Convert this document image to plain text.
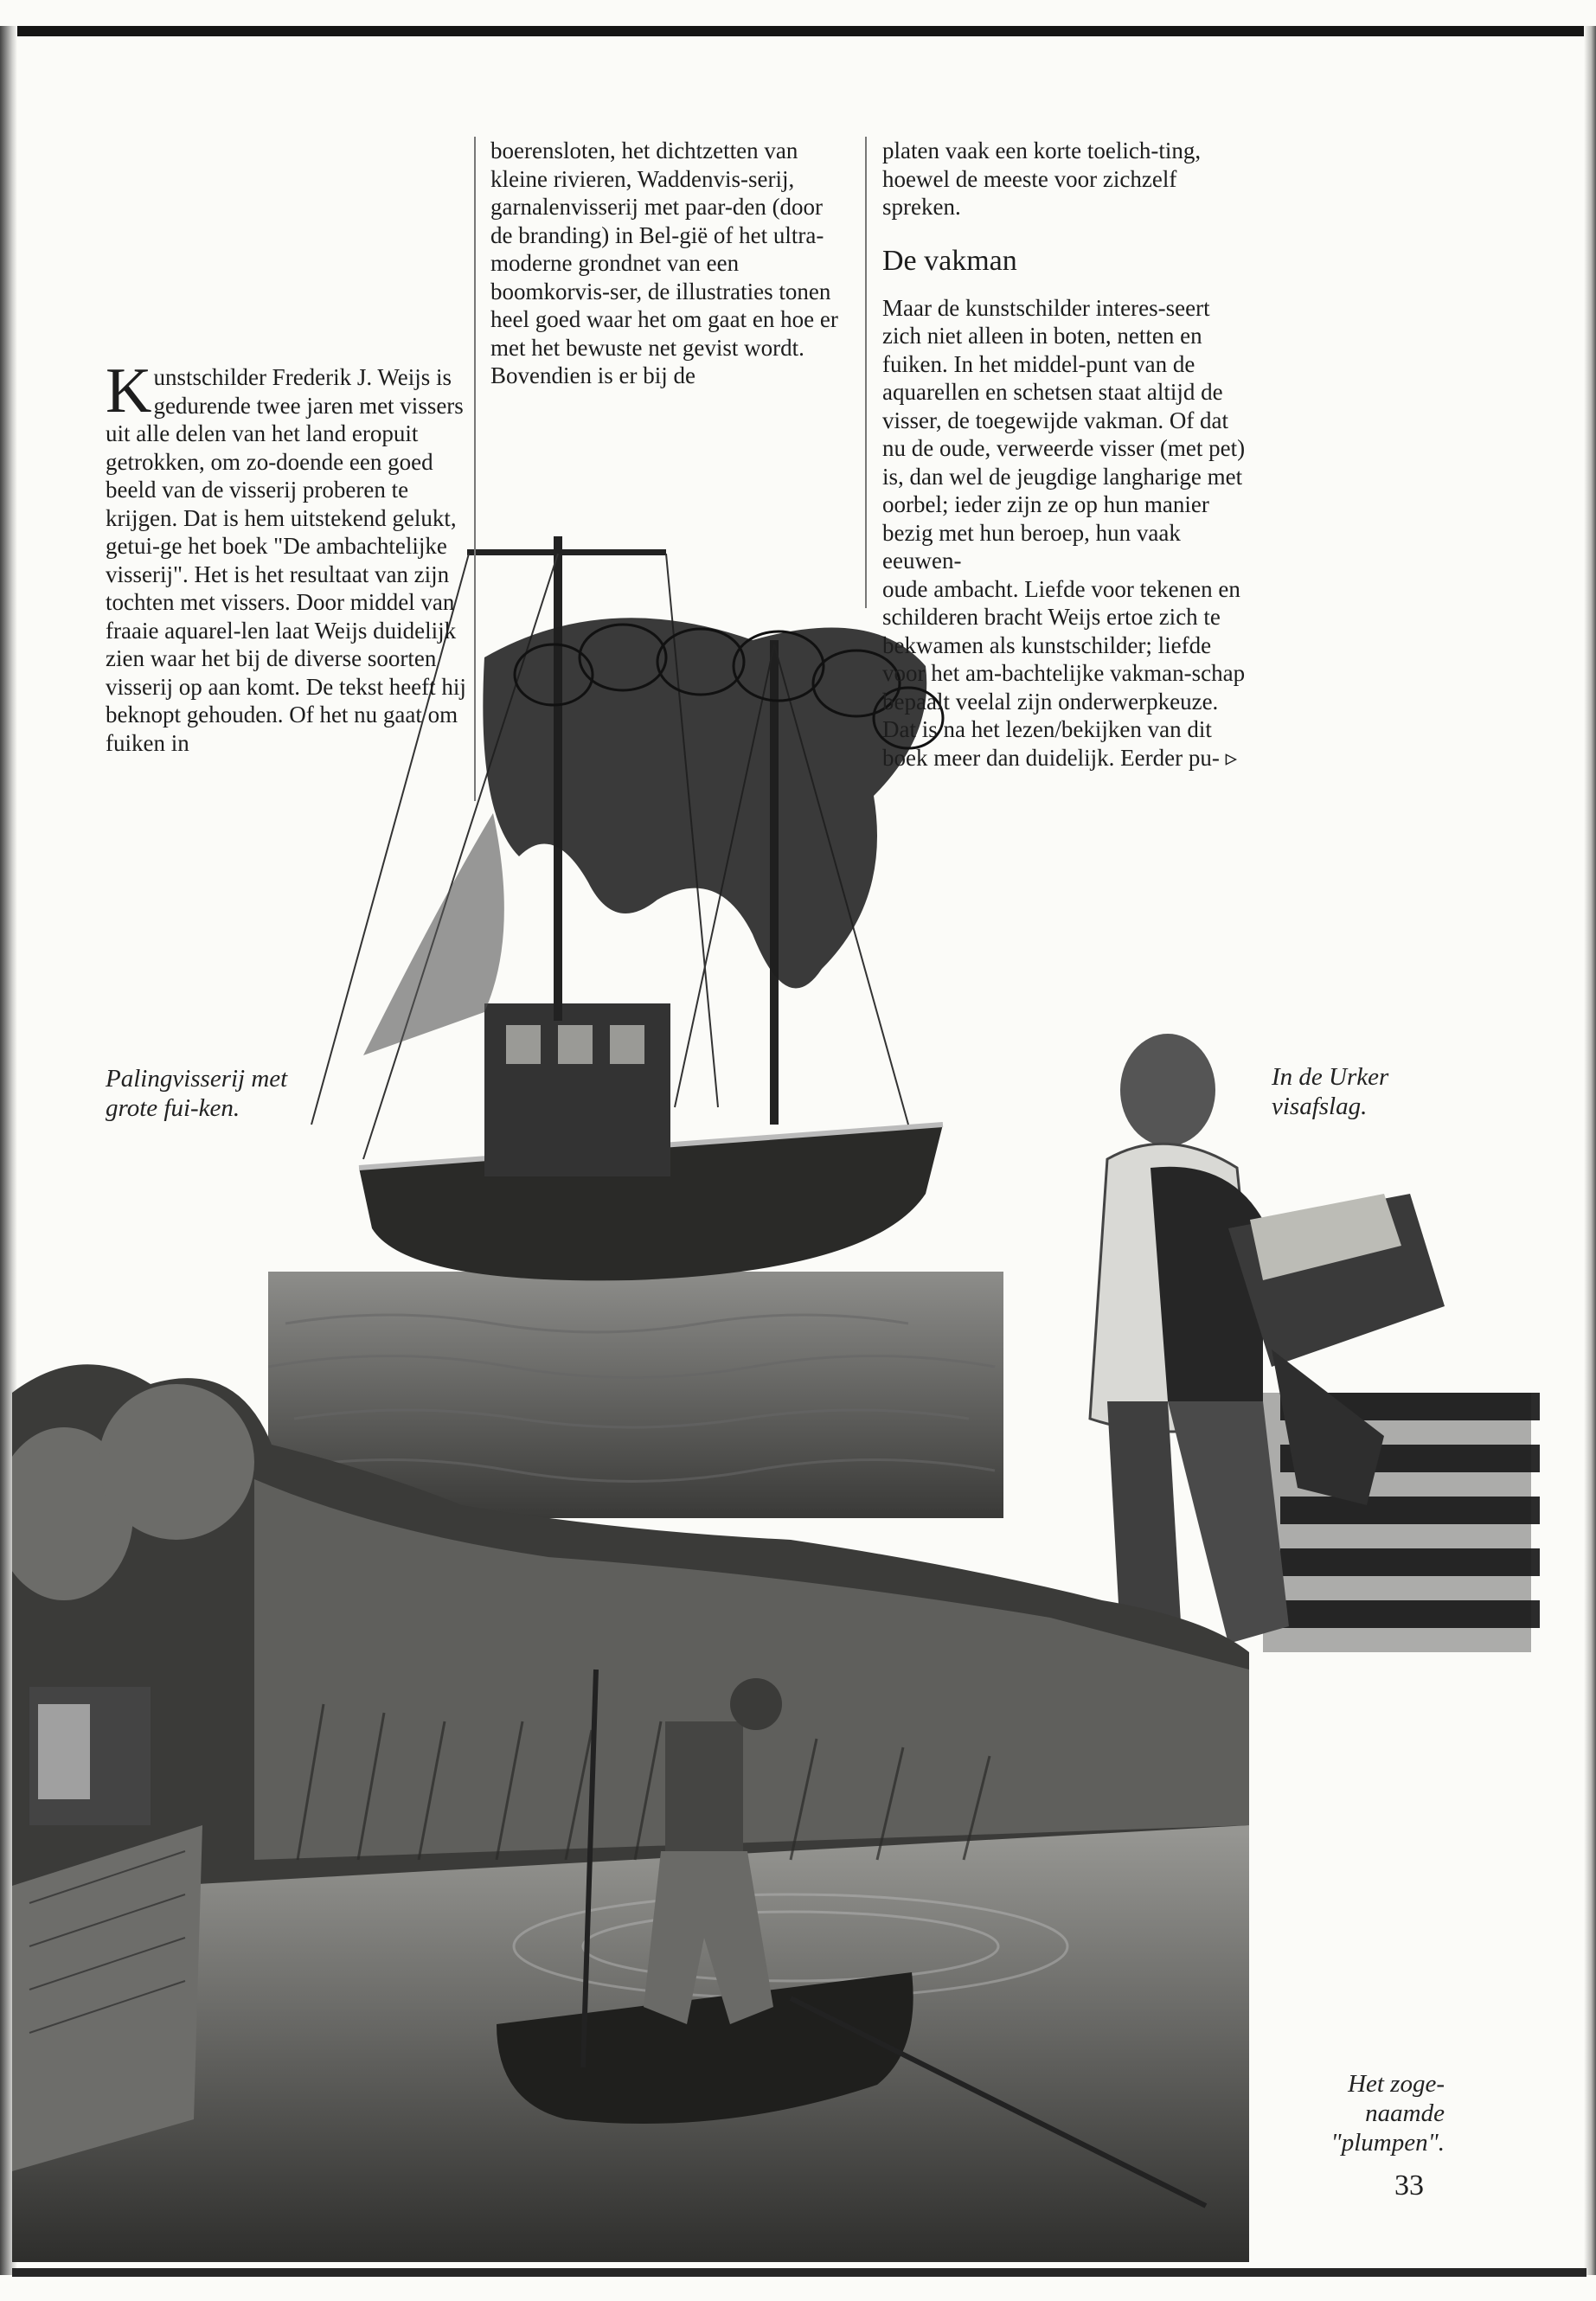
Kunstschilder Frederik J. Weijs is gedurende twee jaren met vissers uit alle delen van het land eropuit getrokken, om zo-doende een goed beeld van de visserij proberen te krijgen. Dat is hem uitstekend gelukt, getui-ge het boek "De ambachtelijke visserij". Het is het resultaat van zijn tochten met vissers. Door middel van fraaie aquarel-len laat Weijs duidelijk zien waar het bij de diverse soorten visserij op aan komt. De tekst heeft hij beknopt gehouden. Of het nu gaat om fuiken in

boerensloten, het dichtzetten van kleine rivieren, Waddenvis-serij, garnalenvisserij met paar-den (door de branding) in Bel-gië of het ultra-moderne grondnet van een boomkorvis-ser, de illustraties tonen heel goed waar het om gaat en hoe er met het bewuste net gevist wordt. Bovendien is er bij de

platen vaak een korte toelich-ting, hoewel de meeste voor zichzelf spreken.

De vakman

Maar de kunstschilder interes-seert zich niet alleen in boten, netten en fuiken. In het middel-punt van de aquarellen en schetsen staat altijd de visser, de toegewijde vakman. Of dat nu de oude, verweerde visser (met pet) is, dan wel de jeugdige langharige met oorbel; ieder zijn ze op hun manier bezig met hun beroep, hun vaak eeuwen-

oude ambacht. Liefde voor tekenen en schilderen bracht Weijs ertoe zich te bekwamen als kunstschilder; liefde voor het am-bachtelijke vakman-schap bepaalt veelal zijn onderwerpkeuze. Dat is na het lezen/bekijken van dit boek meer dan duidelijk. Eerder pu- ▹

Palingvisserij met grote fui-ken.
In de Urker visafslag.
Het zoge-naamde "plumpen".
33
